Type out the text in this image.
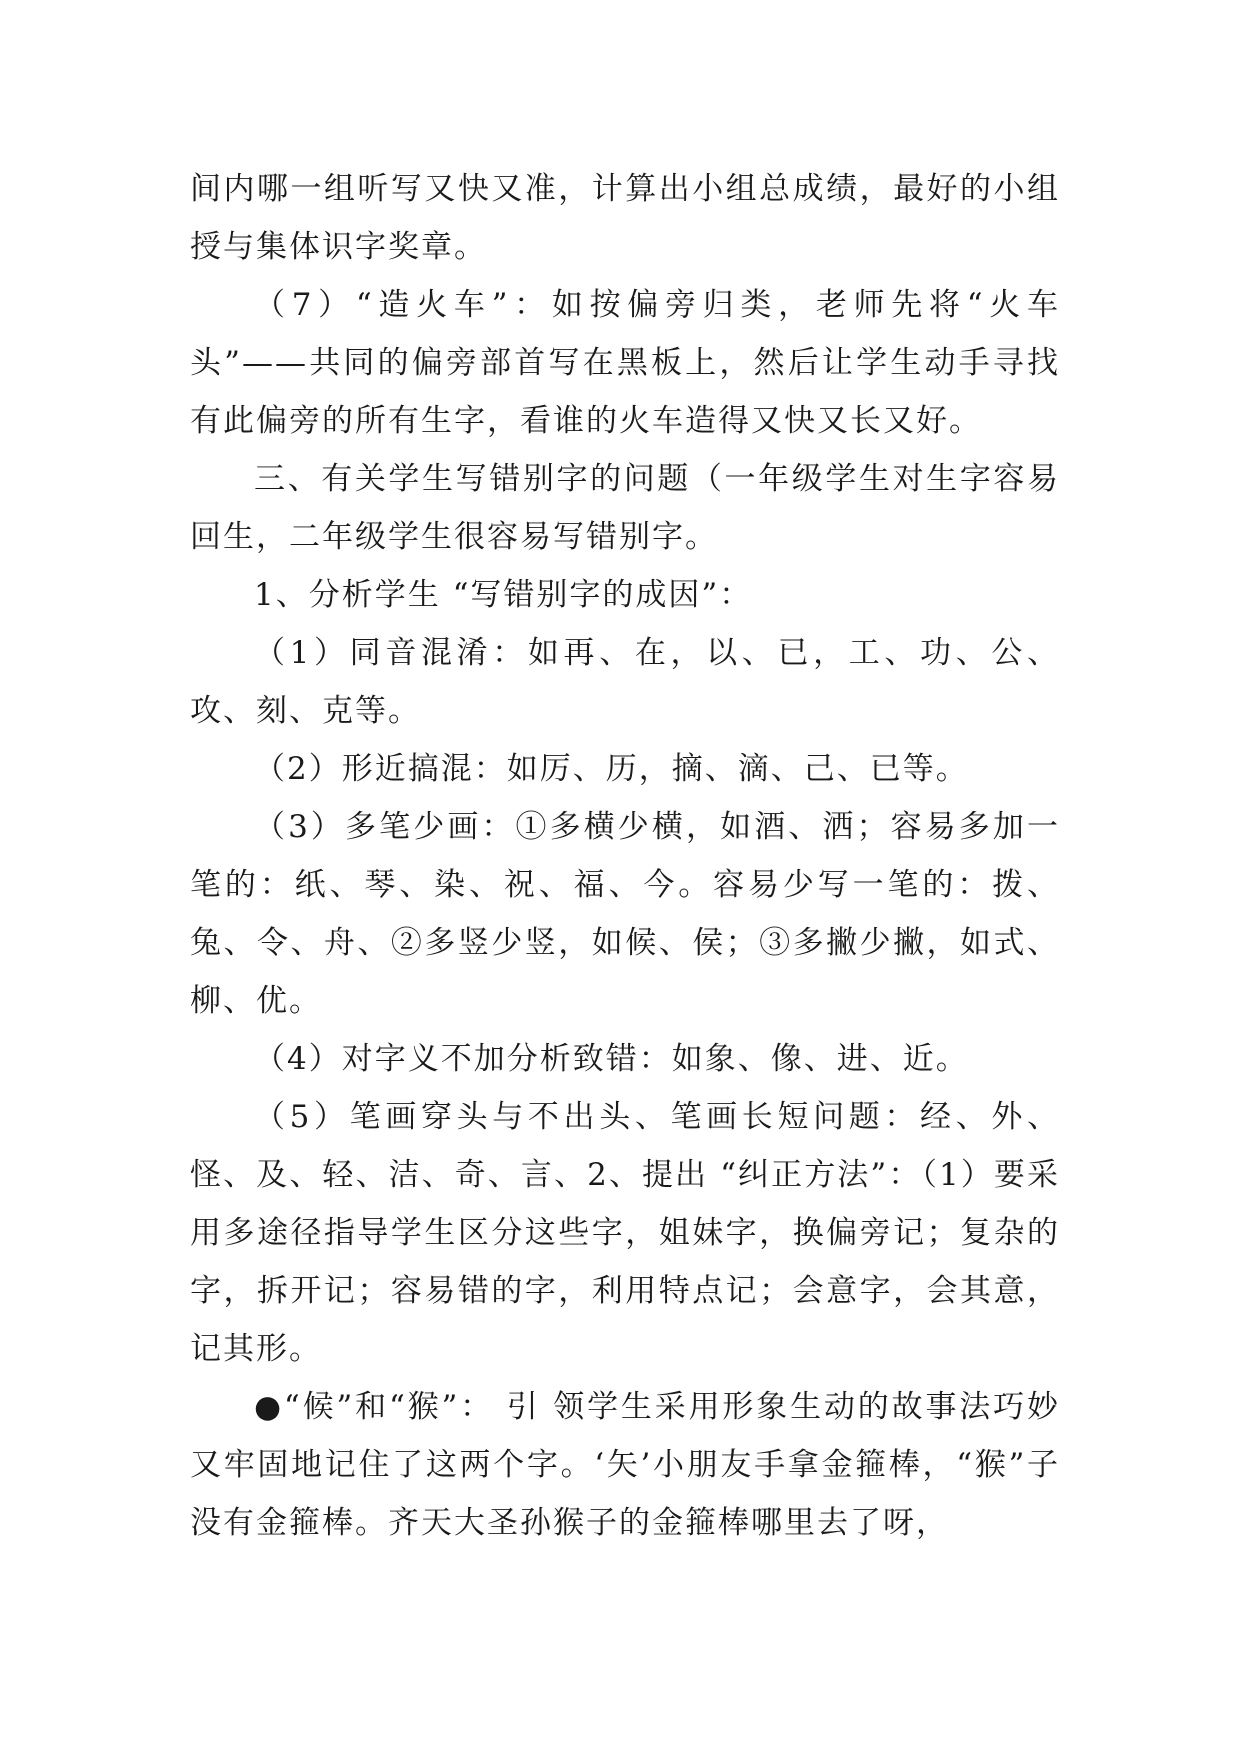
间内哪一组听写又快又准，计算出小组总成绩，最好的小组授与集体识字奖章。

（7）“造火车”：如按偏旁归类，老师先将“火车头”——共同的偏旁部首写在黑板上，然后让学生动手寻找有此偏旁的所有生字，看谁的火车造得又快又长又好。

三、有关学生写错别字的问题（一年级学生对生字容易回生，二年级学生很容易写错别字。

1、分析学生 “写错别字的成因”：

（1）同音混淆：如再、在，以、已，工、功、公、攻、刻、克等。

（2）形近搞混：如厉、历，摘、滴、己、已等。

（3）多笔少画：①多横少横，如酒、洒；容易多加一笔的：纸、琴、染、祝、福、今。容易少写一笔的：拨、兔、令、舟、②多竖少竖，如候、侯；③多撇少撇，如式、柳、优。

（4）对字义不加分析致错：如象、像、进、近。

（5）笔画穿头与不出头、笔画长短问题：经、外、怪、及、轻、洁、奇、言、2、提出 “纠正方法”：（1）要采用多途径指导学生区分这些字，姐妹字，换偏旁记；复杂的字，拆开记；容易错的字，利用特点记；会意字，会其意，记其形。

●“候”和“猴”： 引 领学生采用形象生动的故事法巧妙又牢固地记住了这两个字。‘矢’小朋友手拿金箍棒，“猴”子没有金箍棒。齐天大圣孙猴子的金箍棒哪里去了呀，
